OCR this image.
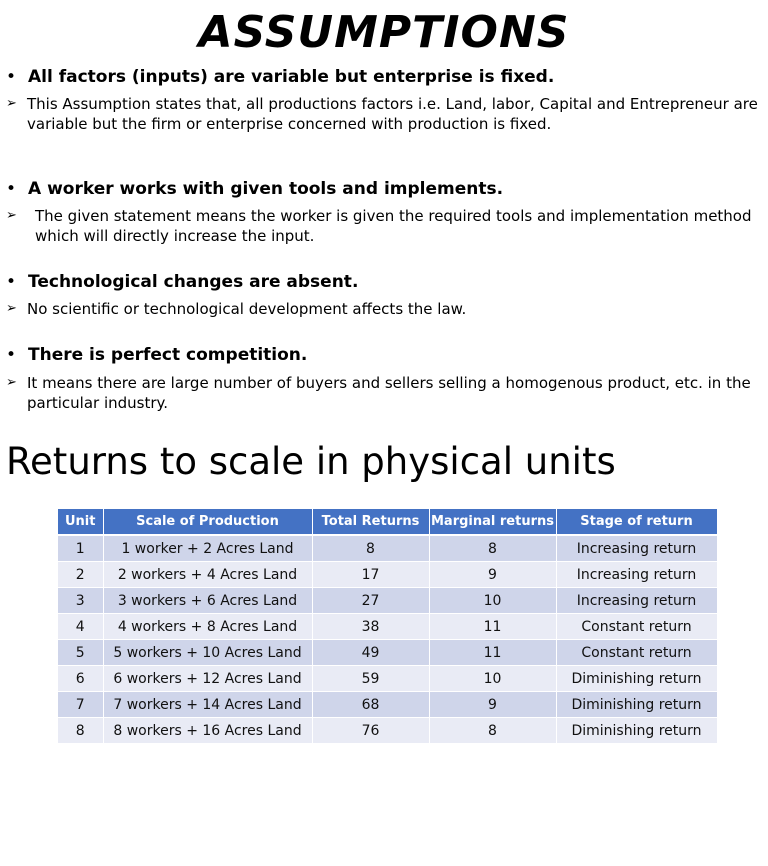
ASSUMPTIONS
• All factors (inputs) are variable but enterprise is fixed.
➢ This Assumption states that, all productions factors i.e. Land, labor, Capital and Entrepreneur are variable but the firm or enterprise concerned with production is fixed.
• A worker works with given tools and implements.
➢	The given statement means the worker is given the required tools and implementation method which will directly increase the input.
• Technological changes are absent.
➢ No scientific or technological development affects the law.
• There is perfect competition.
➢ It means there are large number of buyers and sellers selling a homogenous product, etc. in the particular industry.
Returns to scale in physical units
Unit	Scale of Production	Total Returns	Marginal returns	Stage of return
1	1 worker + 2 Acres Land	8	8	Increasing return
2	2 workers + 4 Acres Land	17	9	Increasing return
3	3 workers + 6 Acres Land	27	10	Increasing return
4	4 workers + 8 Acres Land	38	11	Constant return
5	5 workers + 10 Acres Land	49	11	Constant return
6	6 workers + 12 Acres Land	59	10	Diminishing return
7	7 workers + 14 Acres Land	68	9	Diminishing return
8	8 workers + 16 Acres Land	76	8	Diminishing return
